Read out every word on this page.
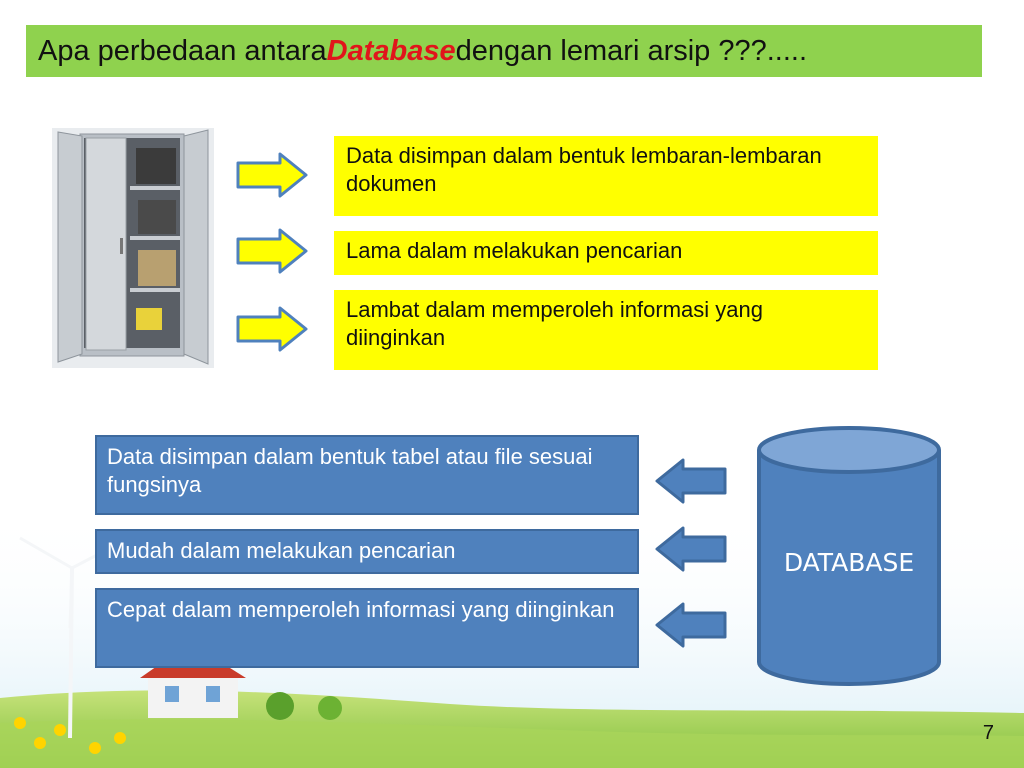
Apa perbedaan antara Database dengan lemari arsip ???.....
Data disimpan dalam bentuk lembaran-lembaran dokumen
Lama dalam melakukan pencarian
Lambat dalam memperoleh informasi yang diinginkan
Data disimpan dalam bentuk tabel atau file sesuai fungsinya
Mudah dalam melakukan pencarian
Cepat dalam memperoleh informasi yang diinginkan
DATABASE
7
